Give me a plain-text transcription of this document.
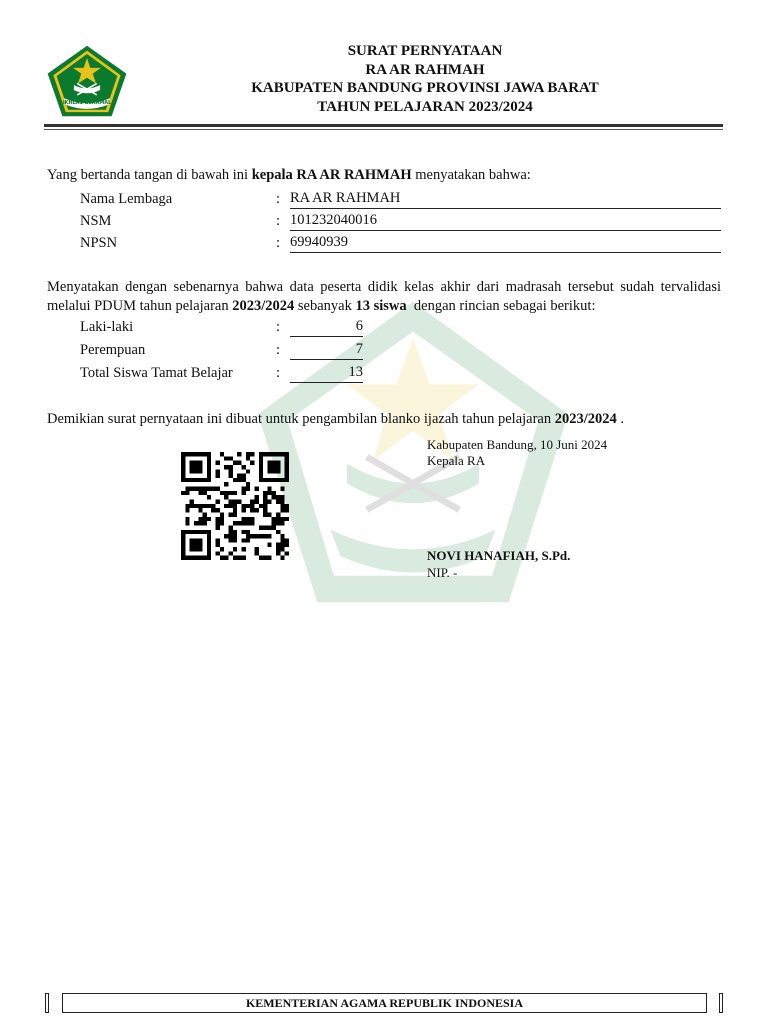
IKHLAS BERAMAL
SURAT PERNYATAAN
RA AR RAHMAH
KABUPATEN BANDUNG PROVINSI JAWA BARAT
TAHUN PELAJARAN 2023/2024
Yang bertanda tangan di bawah ini kepala RA AR RAHMAH menyatakan bahwa:
Nama Lembaga	: RA AR RAHMAH
NSM	: 101232040016
NPSN	: 69940939
Menyatakan dengan sebenarnya bahwa data peserta didik kelas akhir dari madrasah tersebut sudah tervalidasi melalui PDUM tahun pelajaran 2023/2024 sebanyak 13 siswa  dengan rincian sebagai berikut:
Laki-laki	:	6
Perempuan	:	7
Total Siswa Tamat Belajar	:	13
Demikian surat pernyataan ini dibuat untuk pengambilan blanko ijazah tahun pelajaran 2023/2024 .
Kabupaten Bandung, 10 Juni 2024
Kepala RA
NOVI HANAFIAH, S.Pd.
NIP. -
KEMENTERIAN AGAMA REPUBLIK INDONESIA
